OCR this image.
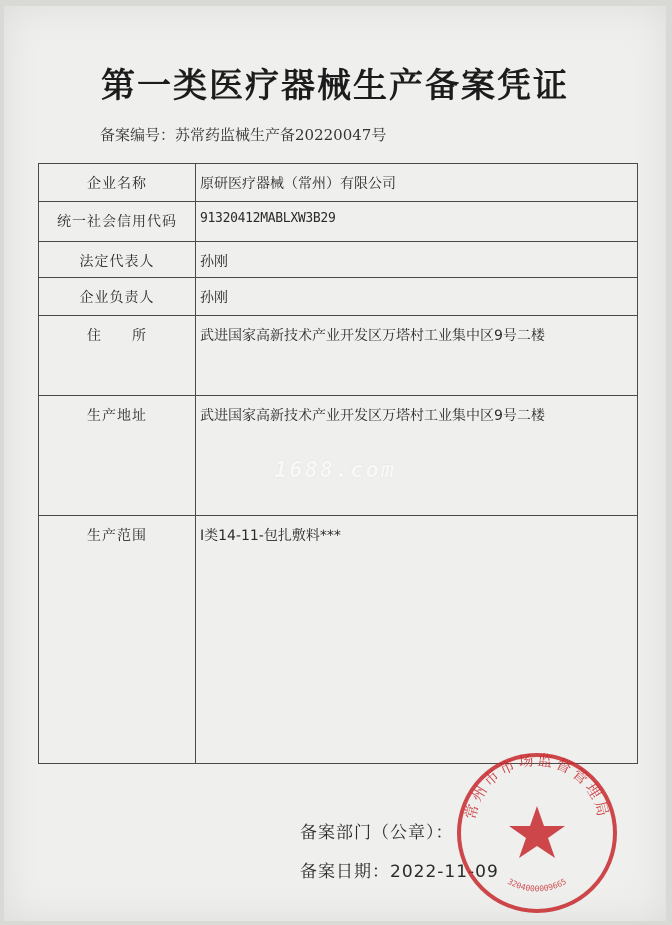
第一类医疗器械生产备案凭证
备案编号：苏常药监械生产备20220047号
企业名称	原研医疗器械（常州）有限公司

统一社会信用代码	91320412MABLXW3B29

法定代表人	孙刚

企业负责人	孙刚

住　　所	武进国家高新技术产业开发区万塔村工业集中区9号二楼

生产地址	武进国家高新技术产业开发区万塔村工业集中区9号二楼

生产范围	Ⅰ类14-11-包扎敷料***
1688.com
备案部门（公章）：
备案日期：2022-11-09
常州市市场监督管理局
3204000009665
